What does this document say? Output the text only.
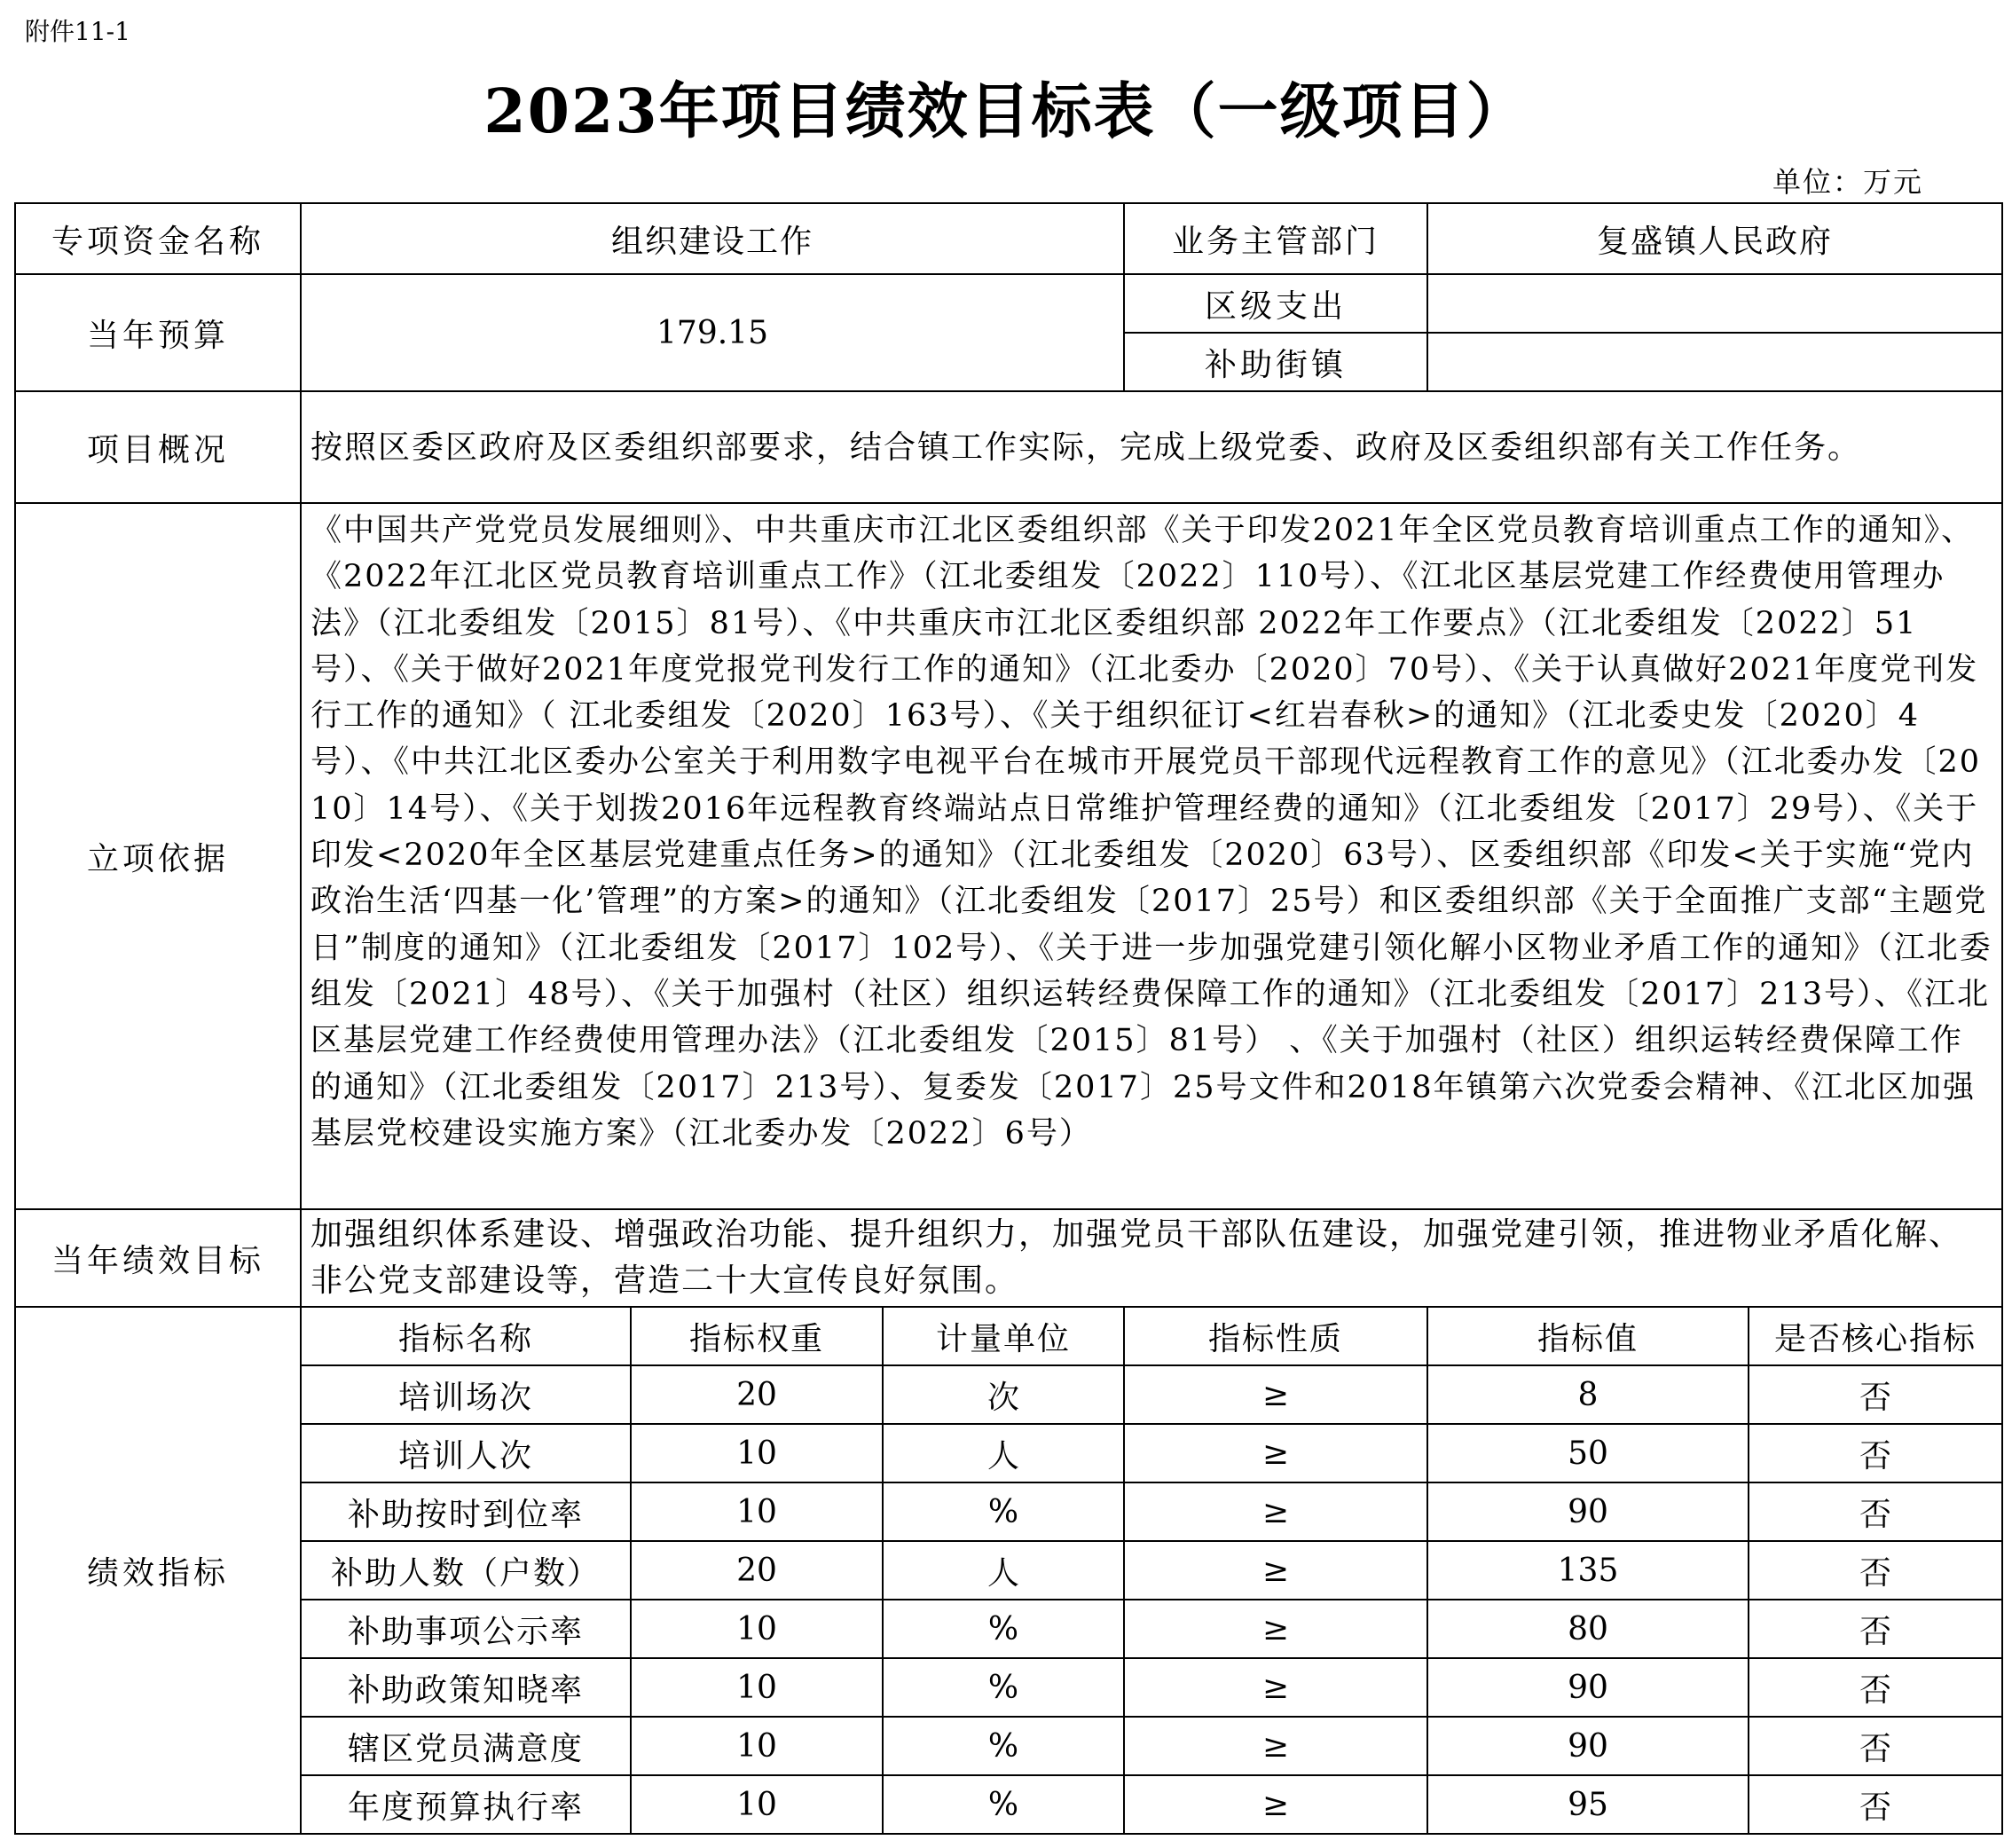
附件11-1
2023年项目绩效目标表（一级项目）
单位：万元
专项资金名称	组织建设工作			业务主管部门	复盛镇人民政府	
当年预算	179.15			区级支出		
				补助街镇		
项目概况	按照区委区政府及区委组织部要求，结合镇工作实际，完成上级党委、政府及区委组织部有关工作任务。					
立项依据	《中国共产党党员发展细则》、中共重庆市江北区委组织部《关于印发2021年全区党员教育培训重点工作的通知》、《2022年江北区党员教育培训重点工作》（江北委组发〔2022〕110号）、《江北区基层党建工作经费使用管理办法》（江北委组发〔2015〕81号）、《中共重庆市江北区委组织部 2022年工作要点》（江北委组发〔2022〕51号）、《关于做好2021年度党报党刊发行工作的通知》（江北委办〔2020〕70号）、《关于认真做好2021年度党刊发行工作的通知》（ 江北委组发〔2020〕163号）、《关于组织征订<红岩春秋>的通知》（江北委史发〔2020〕4号）、《中共江北区委办公室关于利用数字电视平台在城市开展党员干部现代远程教育工作的意见》（江北委办发〔2010〕14号）、《关于划拨2016年远程教育终端站点日常维护管理经费的通知》（江北委组发〔2017〕29号）、《关于印发<2020年全区基层党建重点任务>的通知》（江北委组发〔2020〕63号）、区委组织部《印发<关于实施“党内政治生活‘四基一化’管理”的方案>的通知》（江北委组发〔2017〕25号）和区委组织部《关于全面推广支部“主题党日”制度的通知》（江北委组发〔2017〕102号）、《关于进一步加强党建引领化解小区物业矛盾工作的通知》（江北委组发〔2021〕48号）、《关于加强村（社区）组织运转经费保障工作的通知》（江北委组发〔2017〕213号）、《江北区基层党建工作经费使用管理办法》（江北委组发〔2015〕81号） 、《关于加强村（社区）组织运转经费保障工作的通知》（江北委组发〔2017〕213号）、复委发〔2017〕25号文件和2018年镇第六次党委会精神、《江北区加强基层党校建设实施方案》（江北委办发〔2022〕6号）					
当年绩效目标	加强组织体系建设、增强政治功能、提升组织力，加强党员干部队伍建设，加强党建引领，推进物业矛盾化解、非公党支部建设等，营造二十大宣传良好氛围。					
绩效指标	指标名称	指标权重	计量单位	指标性质	指标值	是否核心指标
	培训场次	20	次	≥	8	否
	培训人次	10	人	≥	50	否
	补助按时到位率	10	%	≥	90	否
	补助人数（户数）	20	人	≥	135	否
	补助事项公示率	10	%	≥	80	否
	补助政策知晓率	10	%	≥	90	否
	辖区党员满意度	10	%	≥	90	否
	年度预算执行率	10	%	≥	95	否
